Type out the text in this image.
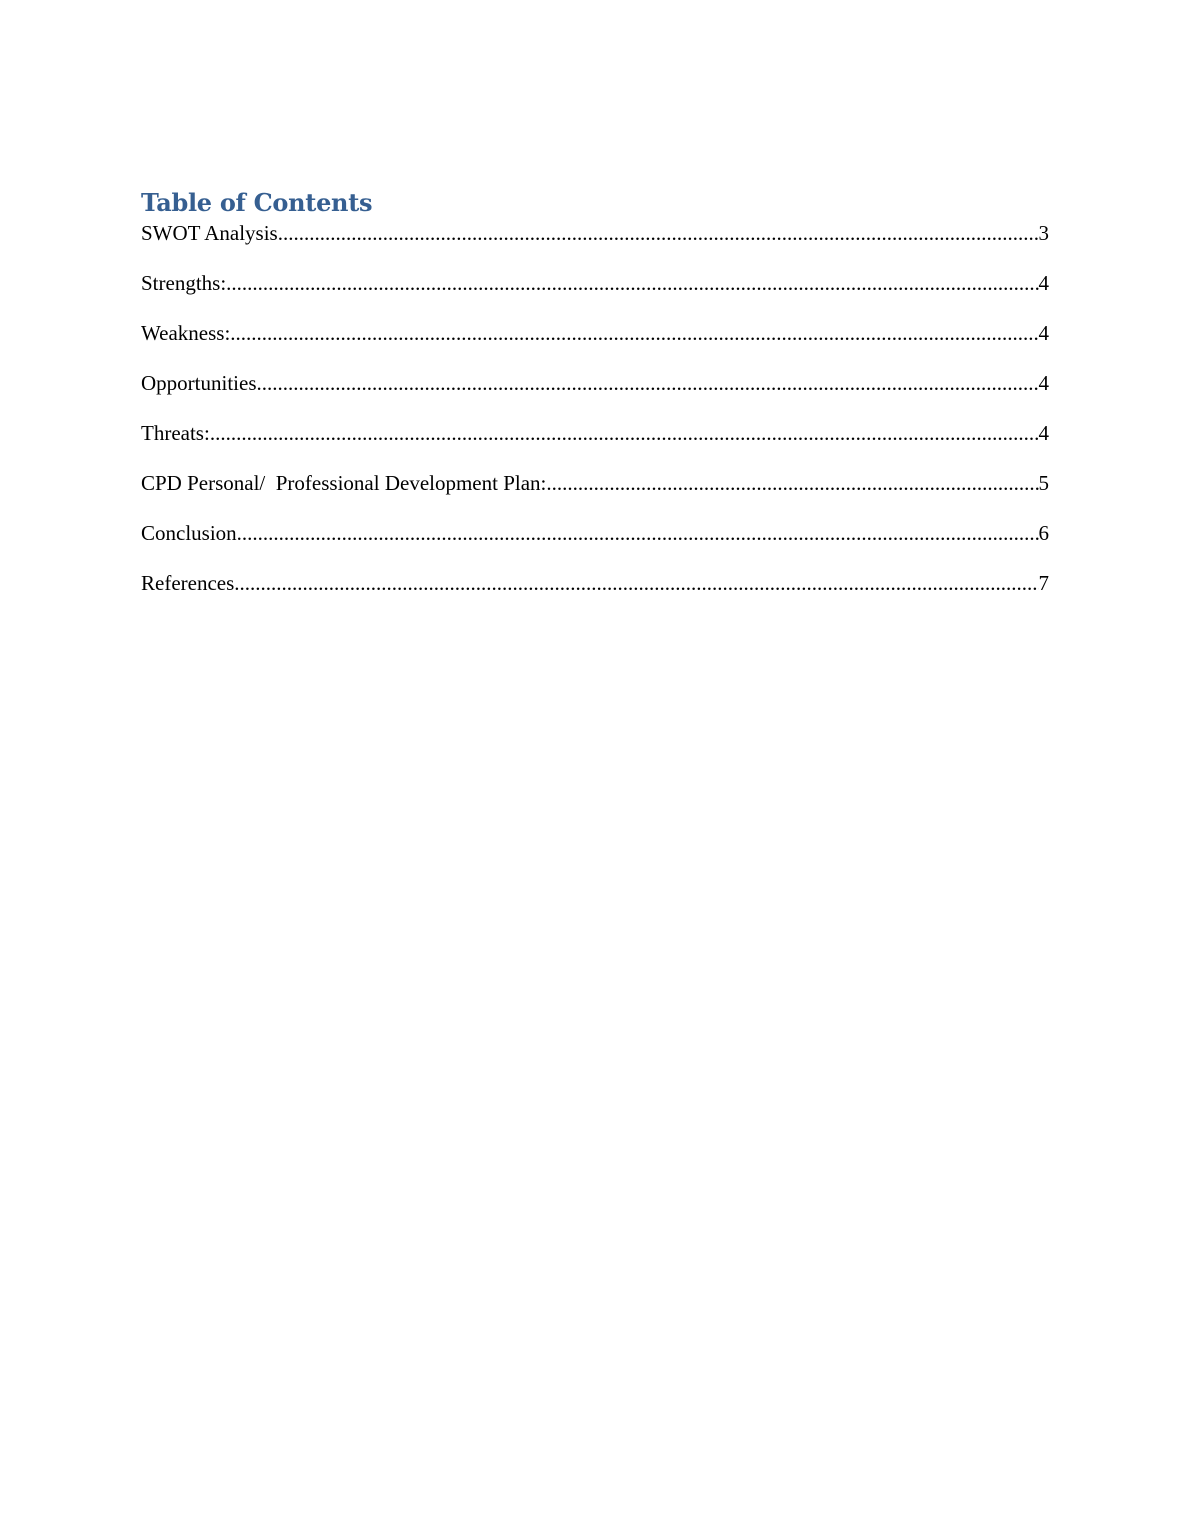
Table of Contents
SWOT Analysis .....	3
Strengths: .....	4
Weakness: .....	4
Opportunities .....	4
Threats: .....	4
CPD Personal/  Professional Development Plan: .....	5
Conclusion .....	6
References .....	7
